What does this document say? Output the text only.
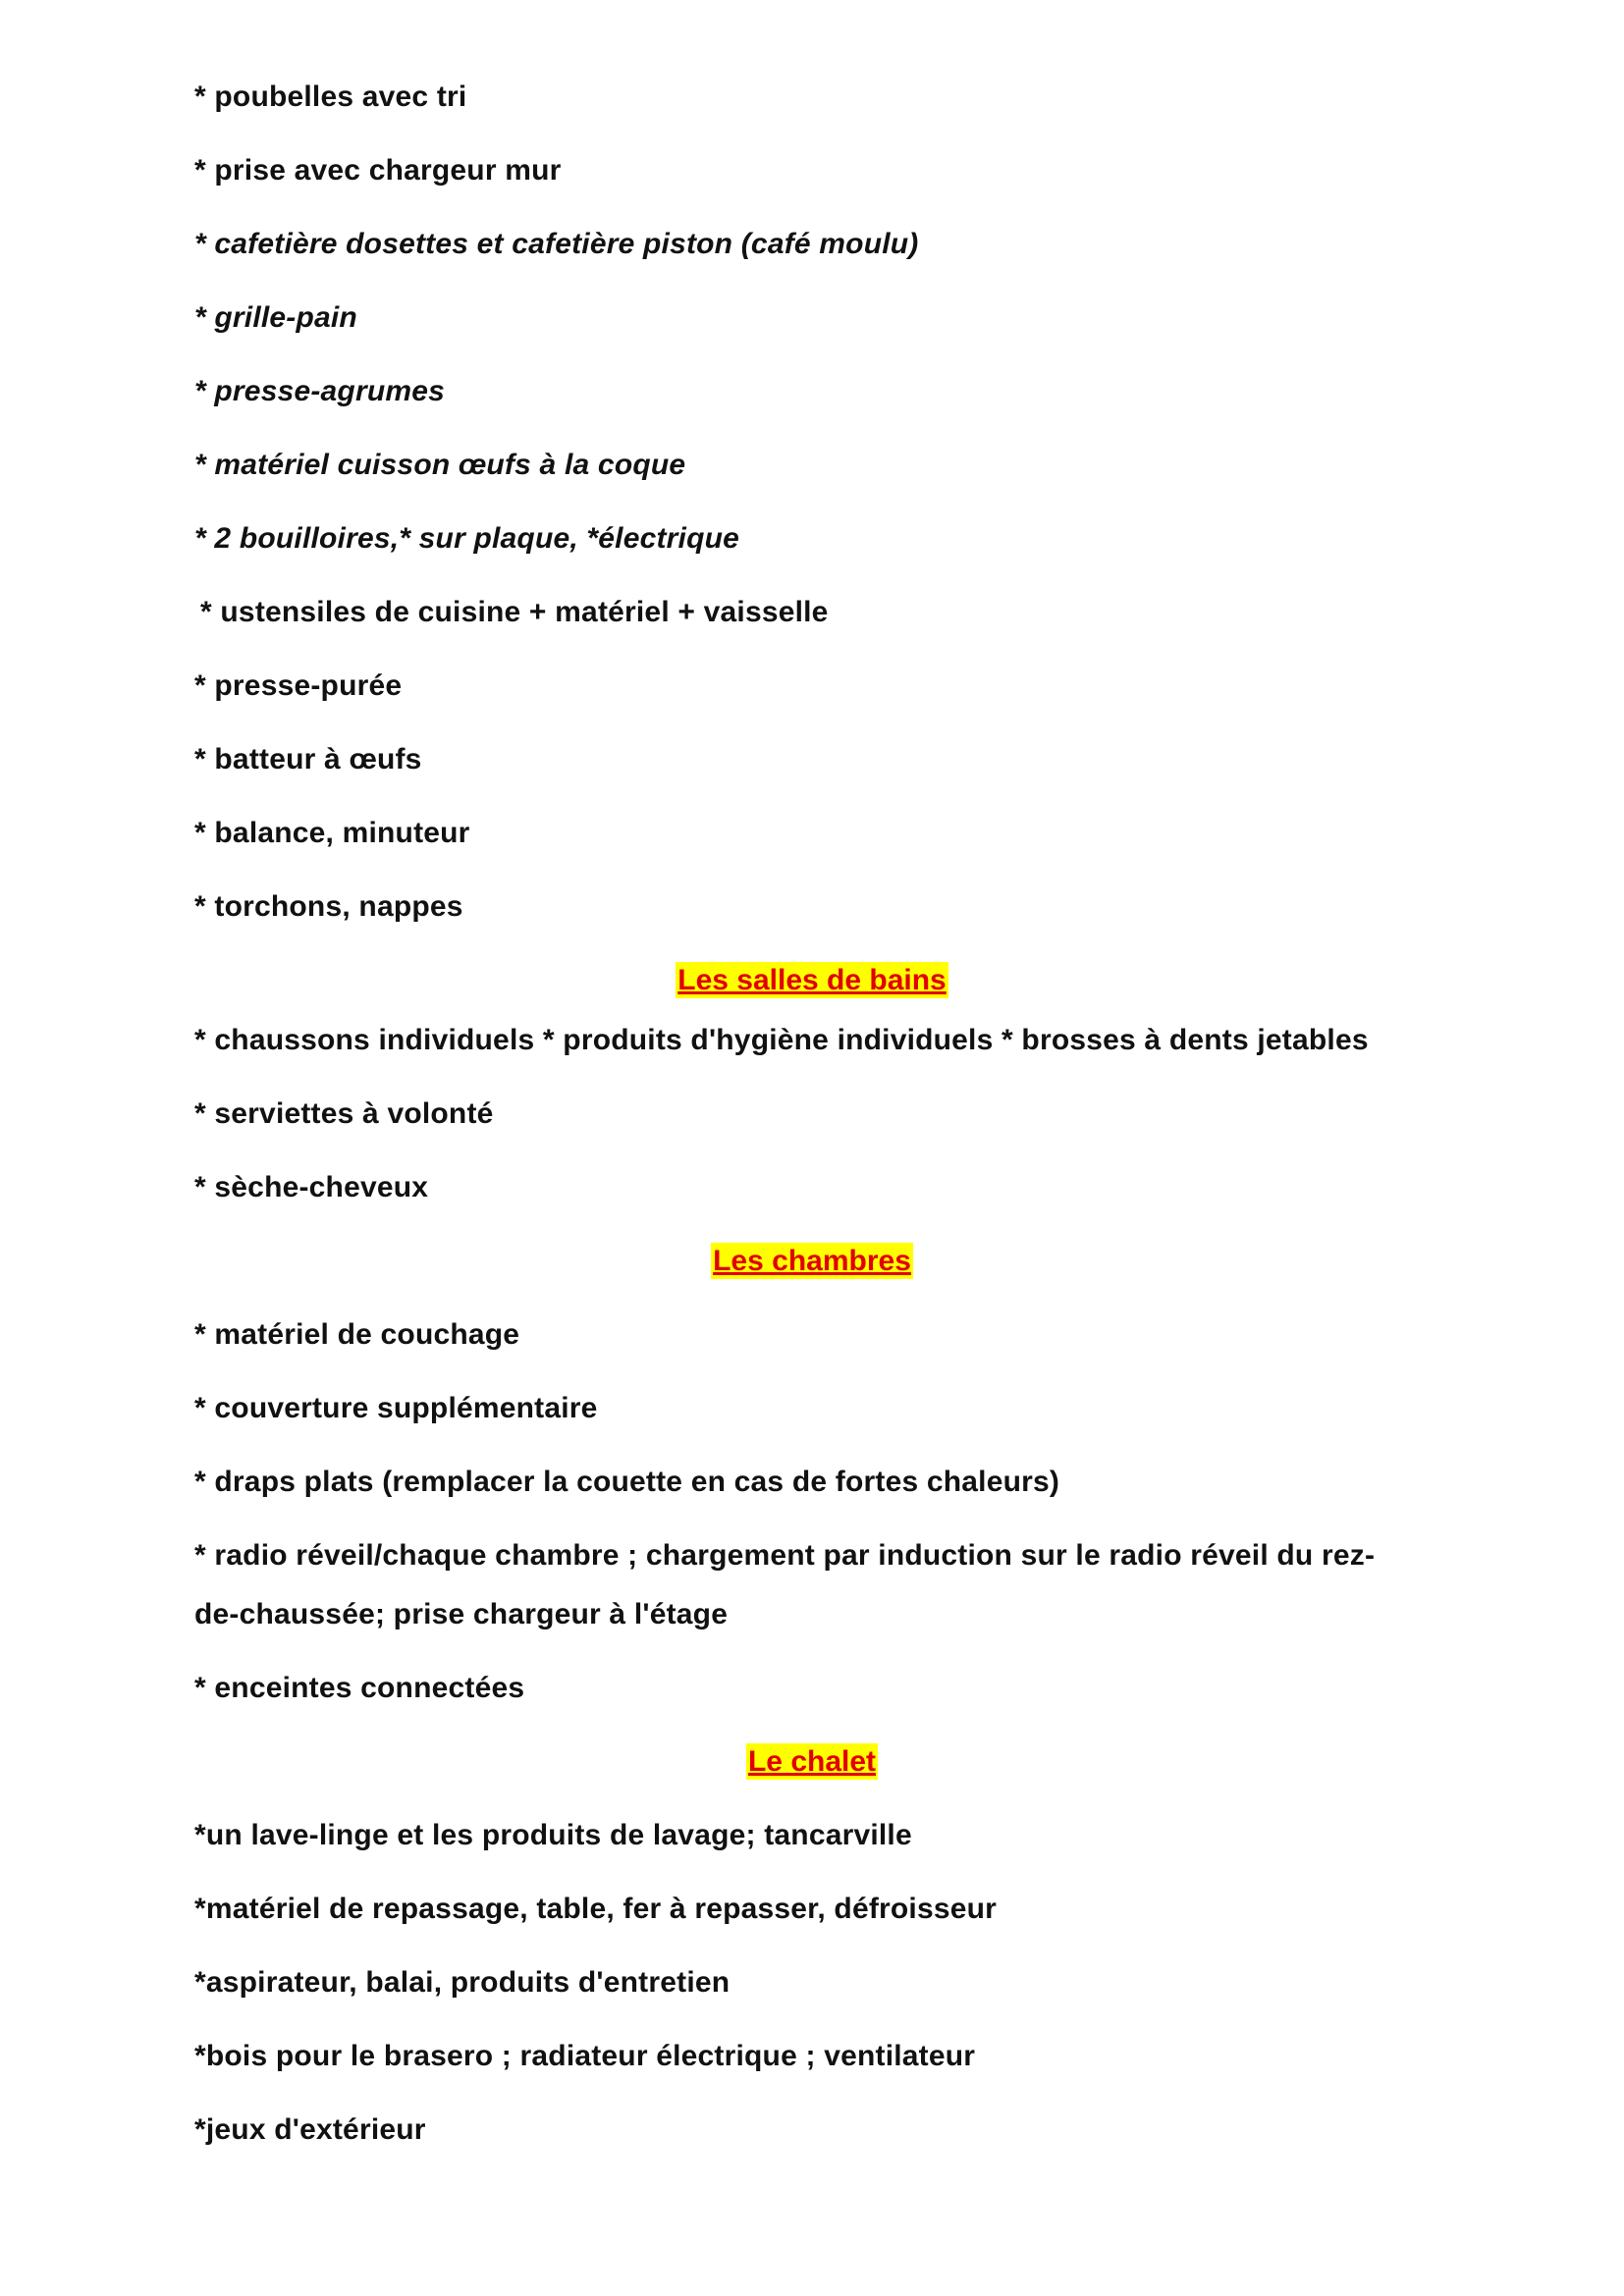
* poubelles avec tri
* prise avec chargeur mur
* cafetière dosettes et cafetière piston (café moulu)
* grille-pain
* presse-agrumes
* matériel cuisson œufs à la coque
* 2 bouilloires,* sur plaque, *électrique
* ustensiles de cuisine + matériel + vaisselle
* presse-purée
* batteur à œufs
* balance, minuteur
* torchons, nappes
Les salles de bains
* chaussons individuels * produits d'hygiène individuels * brosses à dents jetables
* serviettes à volonté
* sèche-cheveux
Les chambres
* matériel de couchage
* couverture supplémentaire
* draps plats (remplacer la couette en cas de fortes chaleurs)
* radio réveil/chaque chambre ; chargement par induction sur le radio réveil du rez-
de-chaussée; prise chargeur à l'étage
* enceintes connectées
Le chalet
*un lave-linge et les produits de lavage; tancarville
*matériel de repassage, table, fer à repasser, défroisseur
*aspirateur, balai, produits d'entretien
*bois pour le brasero ; radiateur électrique ; ventilateur
*jeux d'extérieur
